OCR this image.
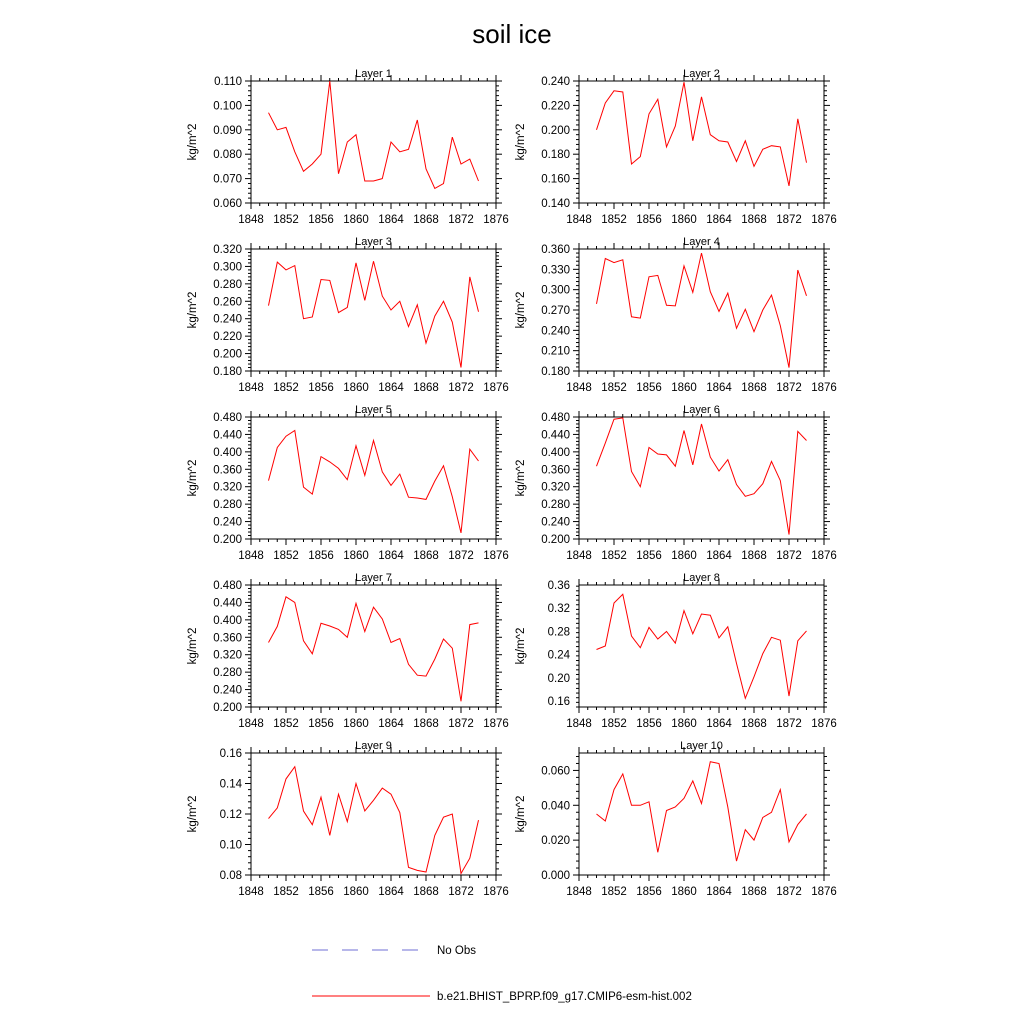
soil ice
Layer 1
1848 1852 1856 1860 1864 1868 1872 1876
0.060
0.070
0.080
0.090
0.100
0.110
kg/m^2
Layer 2
1848 1852 1856 1860 1864 1868 1872 1876
0.140
0.160
0.180
0.200
0.220
0.240
kg/m^2
Layer 3
1848 1852 1856 1860 1864 1868 1872 1876
0.180
0.200
0.220
0.240
0.260
0.280
0.300
0.320
kg/m^2
Layer 4
1848 1852 1856 1860 1864 1868 1872 1876
0.180
0.210
0.240
0.270
0.300
0.330
0.360
kg/m^2
Layer 5
1848 1852 1856 1860 1864 1868 1872 1876
0.200
0.240
0.280
0.320
0.360
0.400
0.440
0.480
kg/m^2
Layer 6
1848 1852 1856 1860 1864 1868 1872 1876
0.200
0.240
0.280
0.320
0.360
0.400
0.440
0.480
kg/m^2
Layer 7
1848 1852 1856 1860 1864 1868 1872 1876
0.200
0.240
0.280
0.320
0.360
0.400
0.440
0.480
kg/m^2
Layer 8
1848 1852 1856 1860 1864 1868 1872 1876
0.16
0.20
0.24
0.28
0.32
0.36
kg/m^2
Layer 9
1848 1852 1856 1860 1864 1868 1872 1876
0.08
0.10
0.12
0.14
0.16
kg/m^2
Layer 10
1848 1852 1856 1860 1864 1868 1872 1876
0.000
0.020
0.040
0.060
kg/m^2
No Obs
b.e21.BHIST_BPRP.f09_g17.CMIP6-esm-hist.002
